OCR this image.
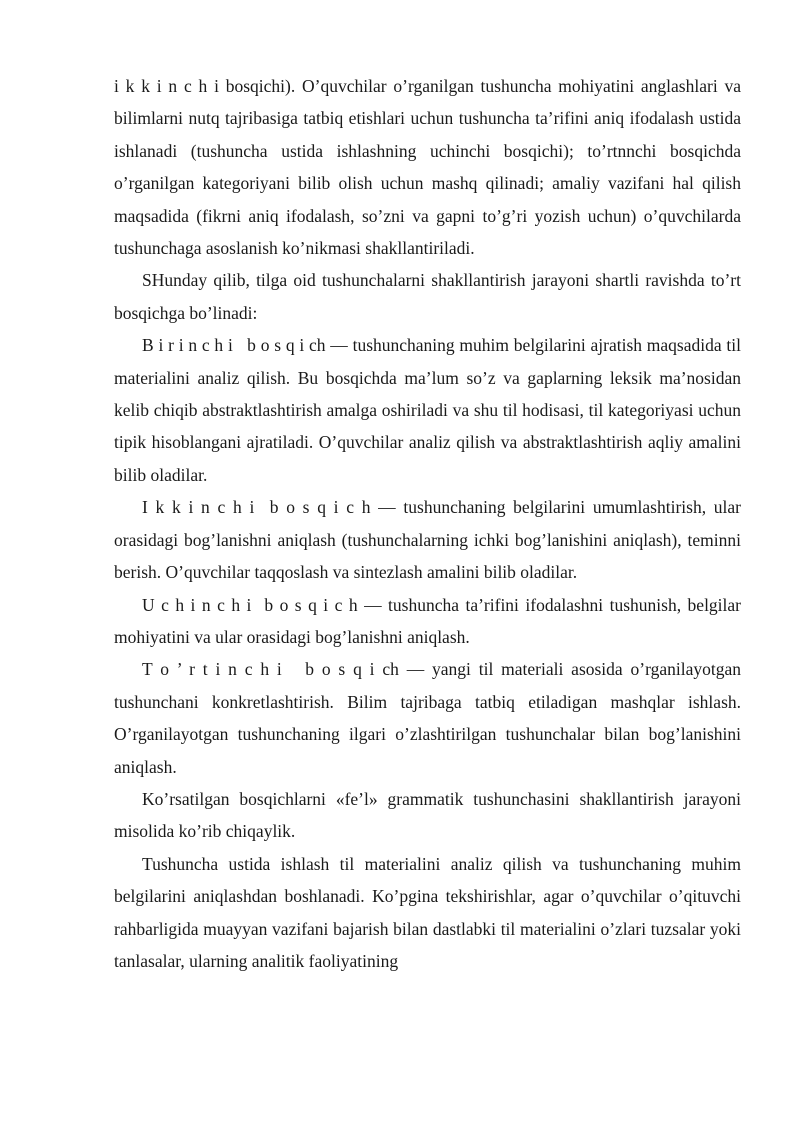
i k k i n c h i bosqichi). O’quvchilar o’rganilgan tushuncha mohiyatini anglashlari va bilimlarni nutq tajribasiga tatbiq etishlari uchun tushuncha ta’rifini aniq ifodalash ustida ishlanadi (tushuncha ustida ishlashning uchinchi bosqichi); to’rtnnchi bosqichda o’rganilgan kategoriyani bilib olish uchun mashq qilinadi; amaliy vazifani hal qilish maqsadida (fikrni aniq ifodalash, so’zni va gapni to’g’ri yozish uchun) o’quvchilarda tushunchaga asoslanish ko’nikmasi shakllantiriladi.

SHunday qilib, tilga oid tushunchalarni shakllantirish jarayoni shartli ravishda to’rt bosqichga bo’linadi:

B i r i n c h i   b o s q i ch — tushunchaning muhim belgilarini ajratish maqsadida til materialini analiz qilish. Bu bosqichda ma’lum so’z va gaplarning leksik ma’nosidan kelib chiqib abstraktlashtirish amalga oshiriladi va shu til hodisasi, til kategoriyasi uchun tipik hisoblangani ajratiladi. O’quvchilar analiz qilish va abstraktlashtirish aqliy amalini bilib oladilar.

I k k i n c h i  b o s q i c h — tushunchaning belgilarini umumlashtirish, ular orasidagi bog’lanishni aniqlash (tushunchalarning ichki bog’lanishini aniqlash), teminni berish. O’quvchilar taqqoslash va sintezlash amalini bilib oladilar.

U c h i n c h i  b o s q i c h — tushuncha ta’rifini ifodalashni tushunish, belgilar mohiyatini va ular orasidagi bog’lanishni aniqlash.

T o ’ r t i n c h i   b o s q i ch — yangi til materiali asosida o’rganilayotgan tushunchani konkretlashtirish. Bilim tajribaga tatbiq etiladigan mashqlar ishlash. O’rganilayotgan tushunchaning ilgari o’zlashtirilgan tushunchalar bilan bog’lanishini aniqlash.

Ko’rsatilgan bosqichlarni «fe’l» grammatik tushunchasini shakllantirish jarayoni misolida ko’rib chiqaylik.

Tushuncha ustida ishlash til materialini analiz qilish va tushunchaning muhim belgilarini aniqlashdan boshlanadi. Ko’pgina tekshirishlar, agar o’quvchilar o’qituvchi rahbarligida muayyan vazifani bajarish bilan dastlabki til materialini o’zlari tuzsalar yoki tanlasalar, ularning analitik faoliyatining
